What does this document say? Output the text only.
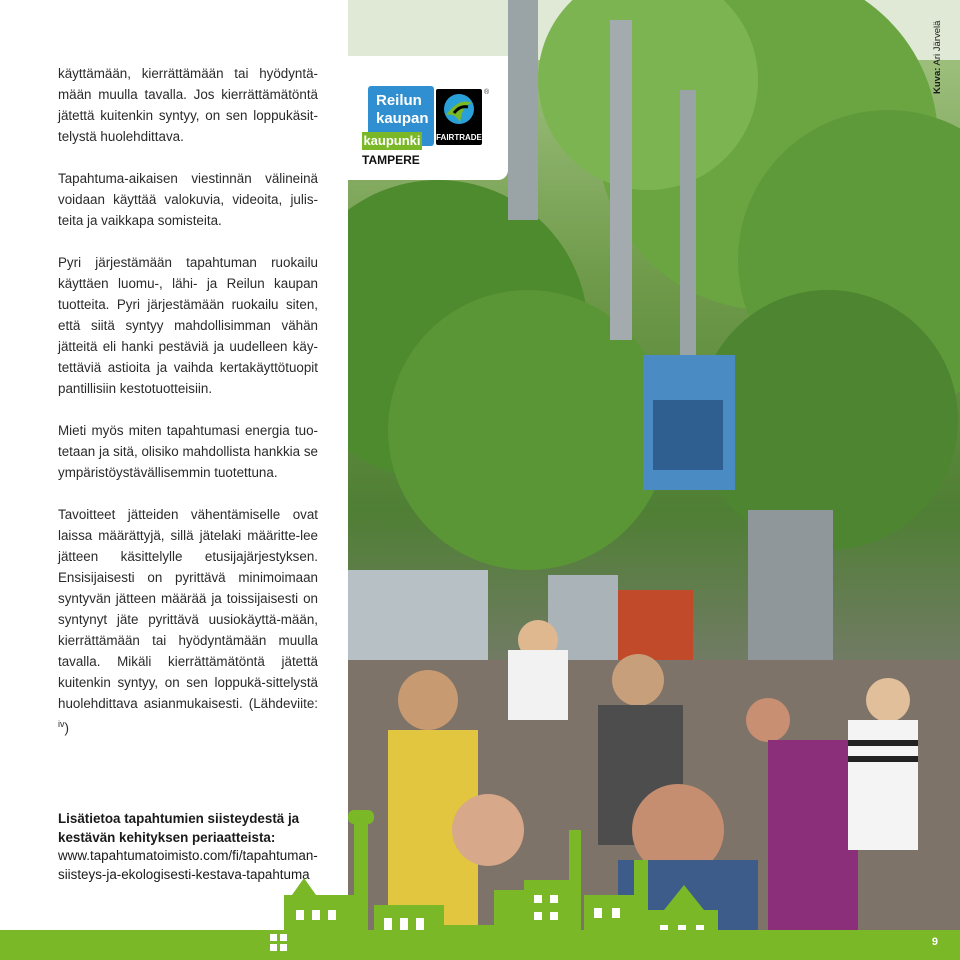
käyttämään, kierrättämään tai hyödyntä-mään muulla tavalla. Jos kierrättämätöntä jätettä kuitenkin syntyy, on sen loppukäsit-telystä huolehdittava.

Tapahtuma-aikaisen viestinnän välineinä voidaan käyttää valokuvia, videoita, julis-teita ja vaikkapa somisteita.

Pyri järjestämään tapahtuman ruokailu käyttäen luomu-, lähi- ja Reilun kaupan tuotteita. Pyri järjestämään ruokailu siten, että siitä syntyy mahdollisimman vähän jätteitä eli hanki pestäviä ja uudelleen käy-tettäviä astioita ja vaihda kertakäyttötuopit pantillisiin kestotuotteisiin.

Mieti myös miten tapahtumasi energia tuo-tetaan ja sitä, olisiko mahdollista hankkia se ympäristöystävällisemmin tuotettuna.

Tavoitteet jätteiden vähentämiselle ovat laissa määrättyjä, sillä jätelaki määritte-lee jätteen käsittelylle etusijajärjestyksen. Ensisijaisesti on pyrittävä minimoimaan syntyvän jätteen määrää ja toissijaisesti on syntynyt jäte pyrittävä uusiokäyttä-mään, kierrättämään tai hyödyntämään muulla tavalla. Mikäli kierrättämätöntä jätettä kuitenkin syntyy, on sen loppukä-sittelystä huolehdittava asianmukaisesti. (Lähdeviite: $^{iv}$)

Lisätietoa tapahtumien siisteydestä ja kestävän kehityksen periaatteista:
www.tapahtumatoimisto.com/fi/tapahtuman-siisteys-ja-ekologisesti-kestava-tapahtuma
Reilun
kaupan
kaupunki FAIRTRADE
®
TAMPERE
Kuva: Ari Järvelä
9
